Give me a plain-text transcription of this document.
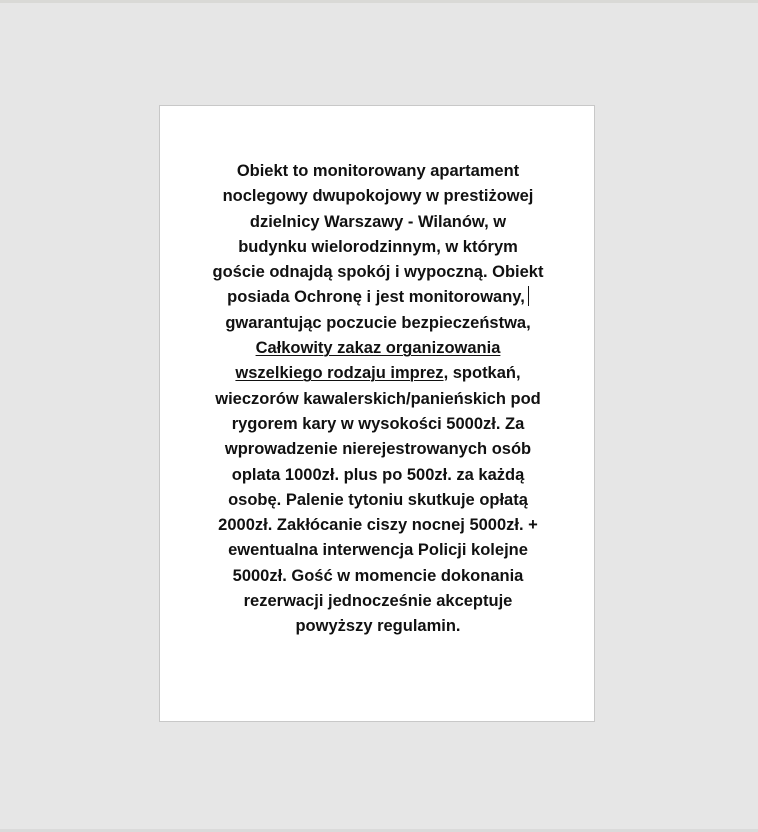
Obiekt to monitorowany apartament
noclegowy dwupokojowy w prestiżowej
dzielnicy Warszawy - Wilanów, w
budynku wielorodzinnym, w którym
goście odnajdą spokój i wypoczną. Obiekt
posiada Ochronę i jest monitorowany,
gwarantując poczucie bezpieczeństwa,
Całkowity zakaz organizowania
wszelkiego rodzaju imprez, spotkań,
wieczorów kawalerskich/panieńskich pod
rygorem kary w wysokości 5000zł. Za
wprowadzenie nierejestrowanych osób
oplata 1000zł. plus po 500zł. za każdą
osobę. Palenie tytoniu skutkuje opłatą
2000zł. Zakłócanie ciszy nocnej 5000zł. +
ewentualna interwencja Policji kolejne
5000zł. Gość w momencie dokonania
rezerwacji jednocześnie akceptuje
powyższy regulamin.
